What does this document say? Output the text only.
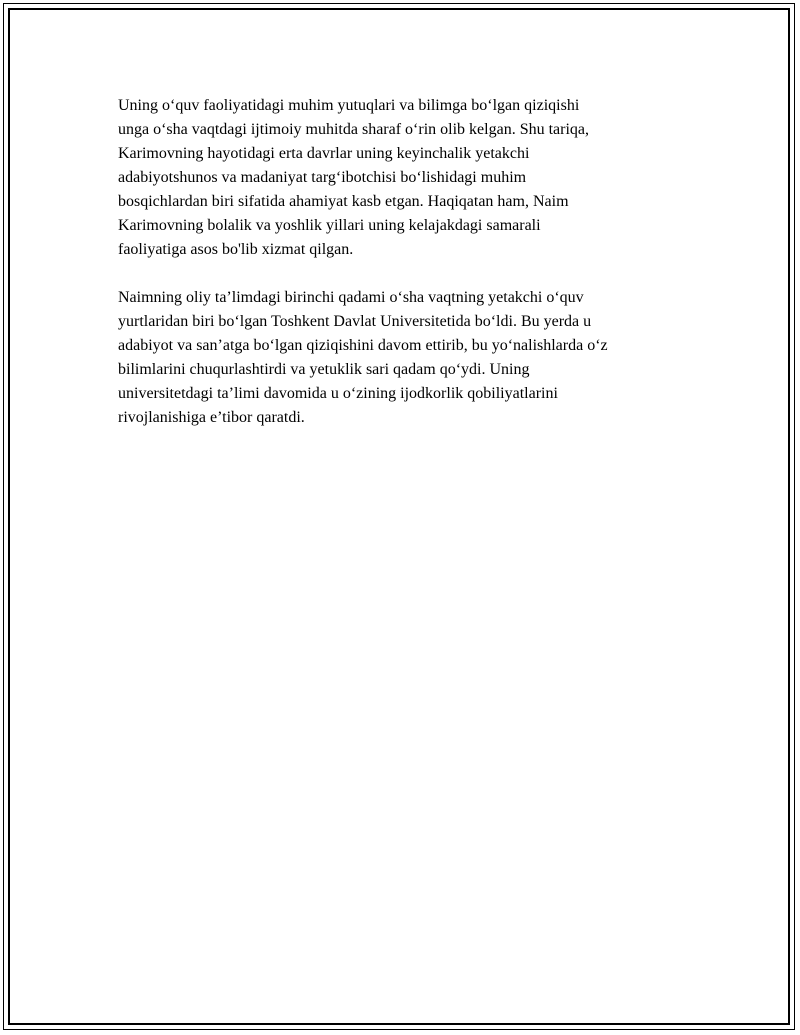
Uning o‘quv faoliyatidagi muhim yutuqlari va bilimga bo‘lgan qiziqishi
unga o‘sha vaqtdagi ijtimoiy muhitda sharaf o‘rin olib kelgan. Shu tariqa,
Karimovning hayotidagi erta davrlar uning keyinchalik yetakchi
adabiyotshunos va madaniyat targ‘ibotchisi bo‘lishidagi muhim
bosqichlardan biri sifatida ahamiyat kasb etgan. Haqiqatan ham, Naim
Karimovning bolalik va yoshlik yillari uning kelajakdagi samarali
faoliyatiga asos bo'lib xizmat qilgan.

Naimning oliy ta’limdagi birinchi qadami o‘sha vaqtning yetakchi o‘quv
yurtlaridan biri bo‘lgan Toshkent Davlat Universitetida bo‘ldi. Bu yerda u
adabiyot va san’atga bo‘lgan qiziqishini davom ettirib, bu yo‘nalishlarda o‘z
bilimlarini chuqurlashtirdi va yetuklik sari qadam qo‘ydi. Uning
universitetdagi ta’limi davomida u o‘zining ijodkorlik qobiliyatlarini
rivojlanishiga e’tibor qaratdi.
